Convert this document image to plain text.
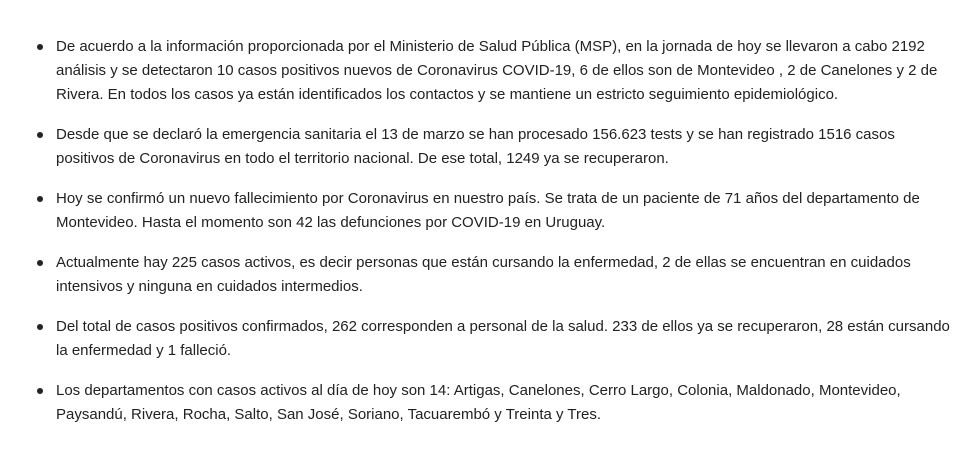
De acuerdo a la información proporcionada por el Ministerio de Salud Pública (MSP), en la jornada de hoy se llevaron a cabo 2192 análisis y se detectaron 10 casos positivos nuevos de Coronavirus COVID-19, 6 de ellos son de Montevideo , 2 de Canelones y 2 de Rivera. En todos los casos ya están identificados los contactos y se mantiene un estricto seguimiento epidemiológico.
Desde que se declaró la emergencia sanitaria el 13 de marzo se han procesado 156.623 tests y se han registrado 1516 casos positivos de Coronavirus en todo el territorio nacional. De ese total, 1249 ya se recuperaron.
Hoy se confirmó un nuevo fallecimiento por Coronavirus en nuestro país. Se trata de un paciente de 71 años del departamento de Montevideo. Hasta el momento son 42 las defunciones por COVID-19 en Uruguay.
Actualmente hay 225 casos activos, es decir personas que están cursando la enfermedad, 2 de ellas se encuentran en cuidados intensivos y ninguna en cuidados intermedios.
Del total de casos positivos confirmados, 262 corresponden a personal de la salud. 233 de ellos ya se recuperaron, 28 están cursando la enfermedad y 1 falleció.
Los departamentos con casos activos al día de hoy son 14: Artigas, Canelones, Cerro Largo, Colonia, Maldonado, Montevideo, Paysandú, Rivera, Rocha, Salto, San José, Soriano, Tacuarembó y Treinta y Tres.
